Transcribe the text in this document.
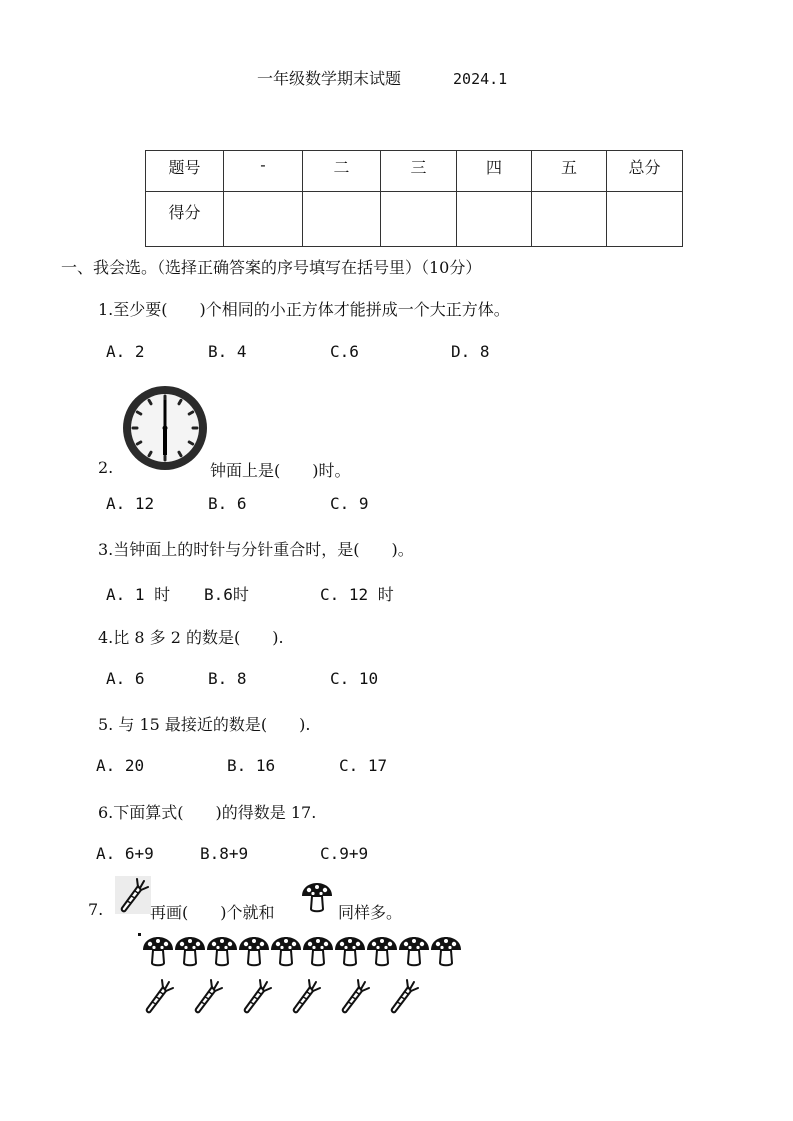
一年级数学期末试题	2024.1
题号	-	二	三	四	五	总分
得分						
一、我会选。（选择正确答案的序号填写在括号里）（10分）
1.至少要(　　)个相同的小正方体才能拼成一个大正方体。
A. 2	B. 4	C.6	D. 8
2.	钟面上是(　　)时。
A. 12	B. 6	C. 9
3.当钟面上的时针与分针重合时，是(　　)。
A. 1 时 B.6时	C. 12 时
4.比 8 多 2 的数是(　　).
A. 6	B. 8	C. 10
5. 与 15 最接近的数是(　　).
A. 20	B. 16	C. 17
6.下面算式(　　)的得数是 17.
A. 6+9	B.8+9	C.9+9
7.	再画(　　)个就和	同样多。
